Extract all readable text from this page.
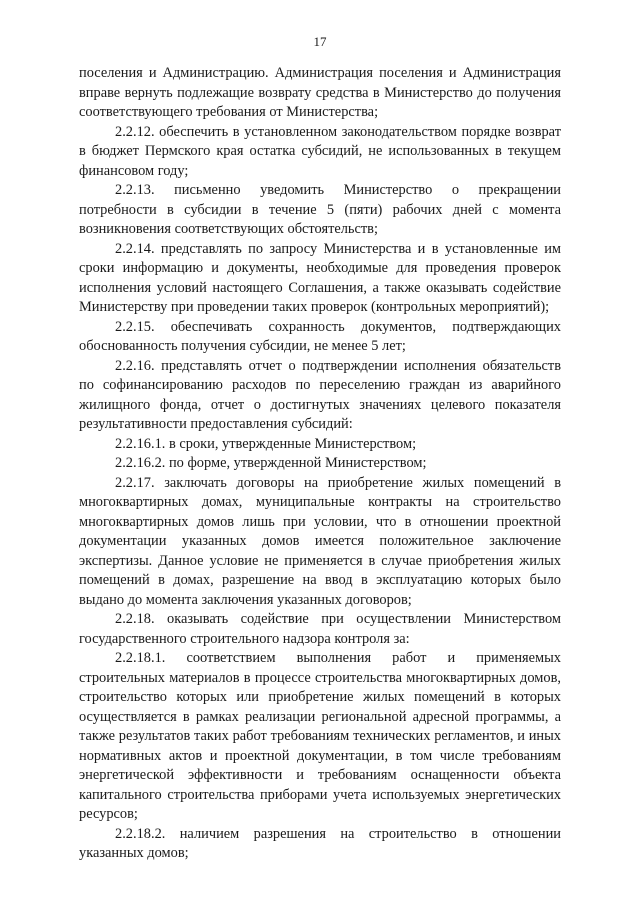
17

поселения и Администрацию. Администрация поселения и Администрация вправе вернуть подлежащие возврату средства в Министерство до получения соответствующего требования от Министерства;

2.2.12. обеспечить в установленном законодательством порядке возврат в бюджет Пермского края остатка субсидий, не использованных в текущем финансовом году;

2.2.13. письменно уведомить Министерство о прекращении потребности в субсидии в течение 5 (пяти) рабочих дней с момента возникновения соответствующих обстоятельств;

2.2.14. представлять по запросу Министерства и в установленные им сроки информацию и документы, необходимые для проведения проверок исполнения условий настоящего Соглашения, а также оказывать содействие Министерству при проведении таких проверок (контрольных мероприятий);

2.2.15. обеспечивать сохранность документов, подтверждающих обоснованность получения субсидии, не менее 5 лет;

2.2.16. представлять отчет о подтверждении исполнения обязательств по софинансированию расходов по переселению граждан из аварийного жилищного фонда, отчет о достигнутых значениях целевого показателя результативности предоставления субсидий:

2.2.16.1. в сроки, утвержденные Министерством;

2.2.16.2. по форме, утвержденной Министерством;

2.2.17. заключать договоры на приобретение жилых помещений в многоквартирных домах, муниципальные контракты на строительство многоквартирных домов лишь при условии, что в отношении проектной документации указанных домов имеется положительное заключение экспертизы. Данное условие не применяется в случае приобретения жилых помещений в домах, разрешение на ввод в эксплуатацию которых было выдано до момента заключения указанных договоров;

2.2.18. оказывать содействие при осуществлении Министерством государственного строительного надзора контроля за:

2.2.18.1. соответствием выполнения работ и применяемых строительных материалов в процессе строительства многоквартирных домов, строительство которых или приобретение жилых помещений в которых осуществляется в рамках реализации региональной адресной программы, а также результатов таких работ требованиям технических регламентов, и иных нормативных актов и проектной документации, в том числе требованиям энергетической эффективности и требованиям оснащенности объекта капитального строительства приборами учета используемых энергетических ресурсов;

2.2.18.2. наличием разрешения на строительство в отношении указанных домов;
